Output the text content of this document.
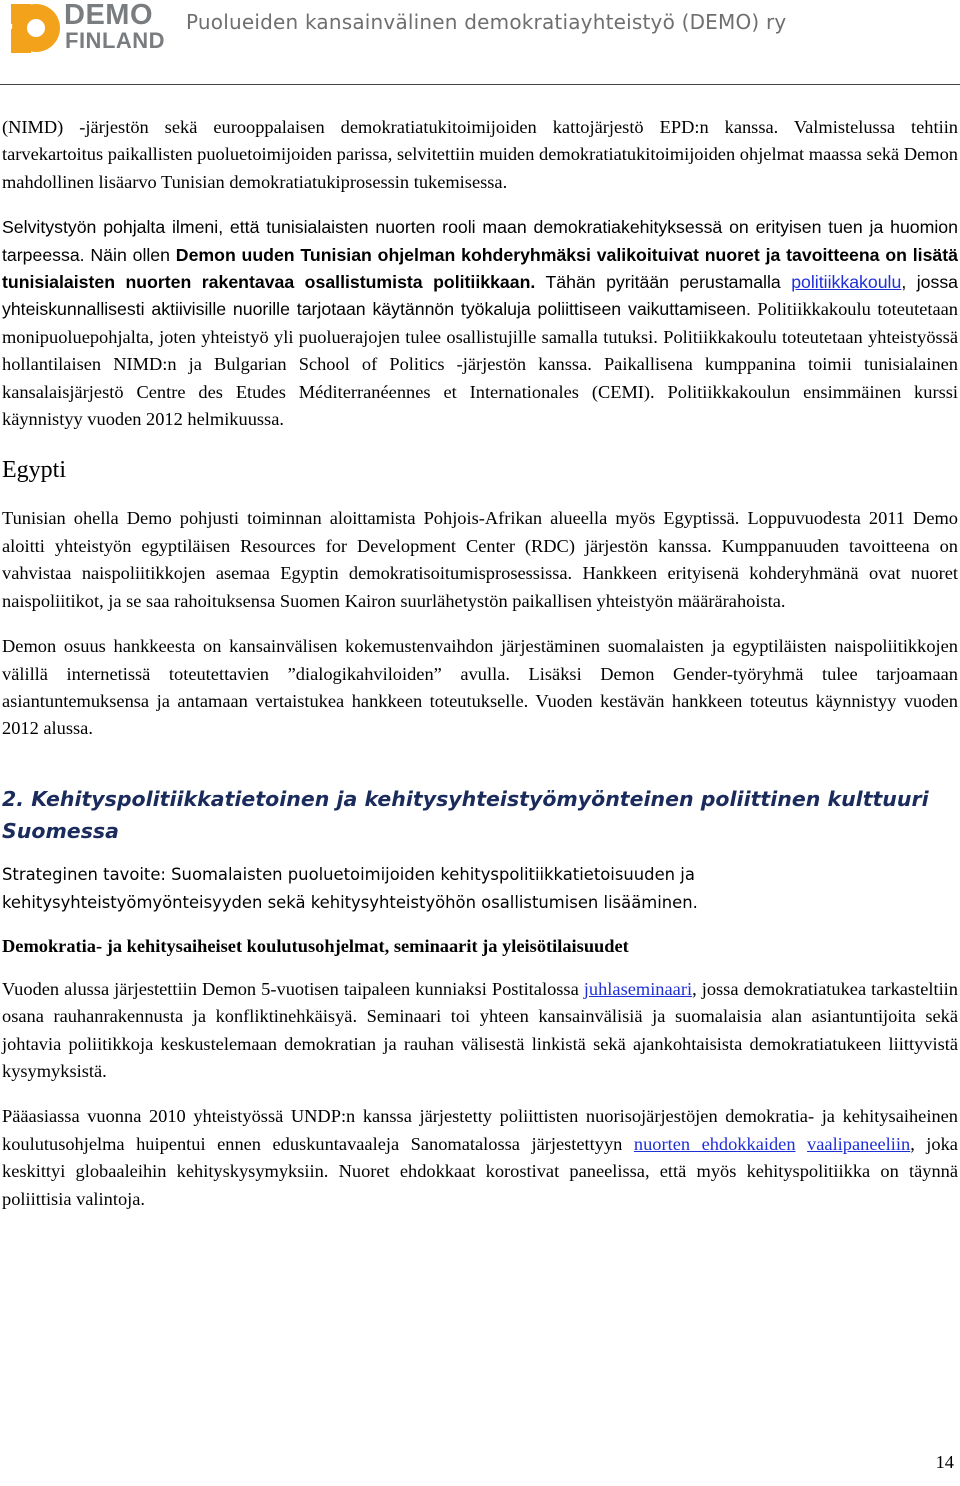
DEMO
FINLAND
Puolueiden kansainvälinen demokratiayhteistyö (DEMO) ry

(NIMD) -järjestön sekä eurooppalaisen demokratiatukitoimijoiden kattojärjestö EPD:n kanssa. Valmistelussa tehtiin tarvekartoitus paikallisten puoluetoimijoiden parissa, selvitettiin muiden demokratiatukitoimijoiden ohjelmat maassa sekä Demon mahdollinen lisäarvo Tunisian demokratiatukiprosessin tukemisessa.

Selvitystyön pohjalta ilmeni, että tunisialaisten nuorten rooli maan demokratiakehityksessä on erityisen tuen ja huomion tarpeessa. Näin ollen Demon uuden Tunisian ohjelman kohderyhmäksi valikoituivat nuoret ja tavoitteena on lisätä tunisialaisten nuorten rakentavaa osallistumista politiikkaan. Tähän pyritään perustamalla politiikkakoulu, jossa yhteiskunnallisesti aktiivisille nuorille tarjotaan käytännön työkaluja poliittiseen vaikuttamiseen. Politiikkakoulu toteutetaan monipuoluepohjalta, joten yhteistyö yli puoluerajojen tulee osallistujille samalla tutuksi. Politiikkakoulu toteutetaan yhteistyössä hollantilaisen NIMD:n ja Bulgarian School of Politics -järjestön kanssa. Paikallisena kumppanina toimii tunisialainen kansalaisjärjestö Centre des Etudes Méditerranéennes et Internationales (CEMI). Politiikkakoulun ensimmäinen kurssi käynnistyy vuoden 2012 helmikuussa.

Egypti

Tunisian ohella Demo pohjusti toiminnan aloittamista Pohjois-Afrikan alueella myös Egyptissä. Loppuvuodesta 2011 Demo aloitti yhteistyön egyptiläisen Resources for Development Center (RDC) järjestön kanssa. Kumppanuuden tavoitteena on vahvistaa naispoliitikkojen asemaa Egyptin demokratisoitumisprosessissa. Hankkeen erityisenä kohderyhmänä ovat nuoret naispoliitikot, ja se saa rahoituksensa Suomen Kairon suurlähetystön paikallisen yhteistyön määrärahoista.

Demon osuus hankkeesta on kansainvälisen kokemustenvaihdon järjestäminen suomalaisten ja egyptiläisten naispoliitikkojen välillä internetissä toteutettavien ”dialogikahviloiden” avulla. Lisäksi Demon Gender-työryhmä tulee tarjoamaan asiantuntemuksensa ja antamaan vertaistukea hankkeen toteutukselle. Vuoden kestävän hankkeen toteutus käynnistyy vuoden 2012 alussa.

2. Kehityspolitiikkatietoinen ja kehitysyhteistyömyönteinen poliittinen kulttuuri Suomessa

Strateginen tavoite: Suomalaisten puoluetoimijoiden kehityspolitiikkatietoisuuden ja kehitysyhteistyömyönteisyyden sekä kehitysyhteistyöhön osallistumisen lisääminen.

Demokratia- ja kehitysaiheiset koulutusohjelmat, seminaarit ja yleisötilaisuudet

Vuoden alussa järjestettiin Demon 5-vuotisen taipaleen kunniaksi Postitalossa juhlaseminaari, jossa demokratiatukea tarkasteltiin osana rauhanrakennusta ja konfliktinehkäisyä. Seminaari toi yhteen kansainvälisiä ja suomalaisia alan asiantuntijoita sekä johtavia poliitikkoja keskustelemaan demokratian ja rauhan välisestä linkistä sekä ajankohtaisista demokratiatukeen liittyvistä kysymyksistä.

Pääasiassa vuonna 2010 yhteistyössä UNDP:n kanssa järjestetty poliittisten nuorisojärjestöjen demokratia- ja kehitysaiheinen koulutusohjelma huipentui ennen eduskuntavaaleja Sanomatalossa järjestettyyn nuorten ehdokkaiden vaalipaneeliin, joka keskittyi globaaleihin kehityskysymyksiin. Nuoret ehdokkaat korostivat paneelissa, että myös kehityspolitiikka on täynnä poliittisia valintoja.

14
